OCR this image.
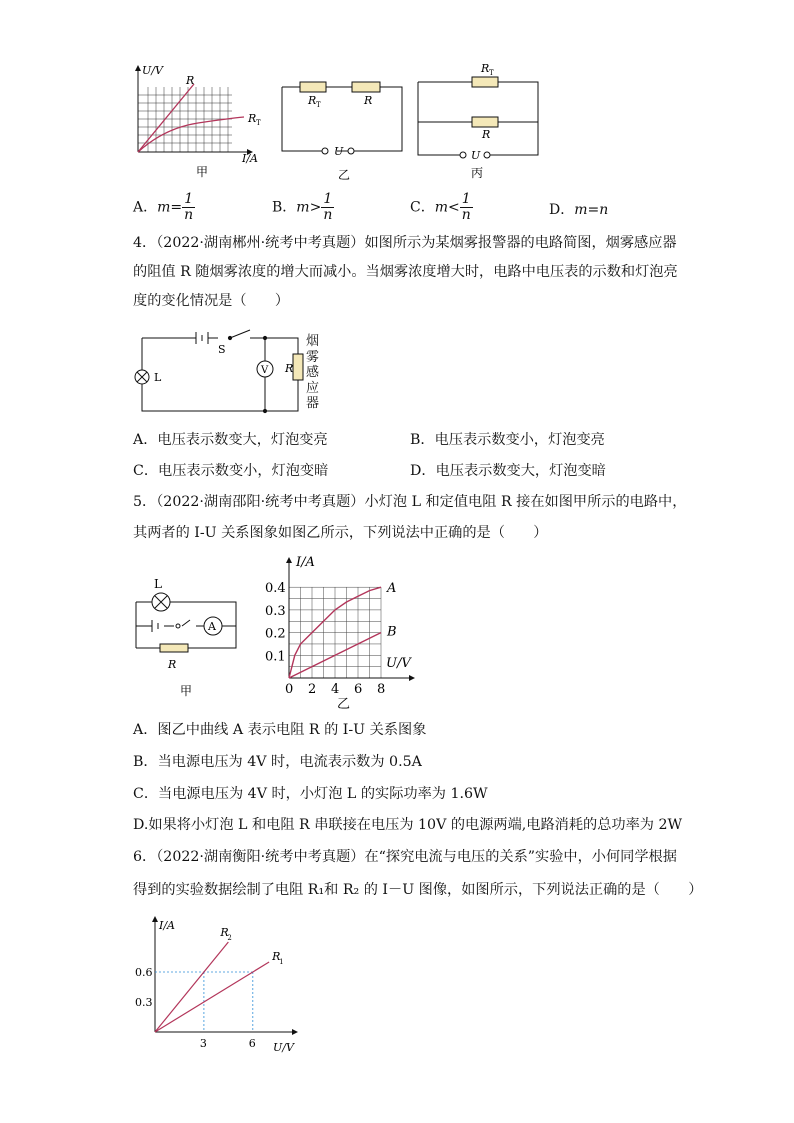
U/V
R
R T
I/A
甲
R T	R
U
乙
R T
R
U
丙
A．$m= \frac{1}{n}$	B．$m> \frac{1}{n}$	C．$m< \frac{1}{n}$	D．m=n
4．（2022·湖南郴州·统考中考真题）如图所示为某烟雾报警器的电路简图，烟雾感应器
的阻值 R 随烟雾浓度的增大而减小。当烟雾浓度增大时，电路中电压表的示数和灯泡亮
度的变化情况是（　　）
S
L
V R
烟雾感应器
A．电压表示数变大，灯泡变亮	B．电压表示数变小，灯泡变亮
C．电压表示数变小，灯泡变暗	D．电压表示数变大，灯泡变暗
5．（2022·湖南邵阳·统考中考真题）小灯泡 L 和定值电阻 R 接在如图甲所示的电路中，
其两者的 I-U 关系图象如图乙所示，下列说法中正确的是（　　）
L
A
R
甲	0 2 4 6 8
0.1
0.2
0.3
0.4
I/A
U/V
乙
A
B
A．图乙中曲线 A 表示电阻 R 的 I-U 关系图象
B．当电源电压为 4V 时，电流表示数为 0.5A
C．当电源电压为 4V 时，小灯泡 L 的实际功率为 1.6W
D.如果将小灯泡 L 和电阻 R 串联接在电压为 10V 的电源两端,电路消耗的总功率为 2W
6．（2022·湖南衡阳·统考中考真题）在“探究电流与电压的关系”实验中，小何同学根据
得到的实验数据绘制了电阻 R₁和 R₂ 的 I－U 图像，如图所示，下列说法正确的是（　　）
3	6
0.3
0.6
I/A
U/V
R
2
R
1
